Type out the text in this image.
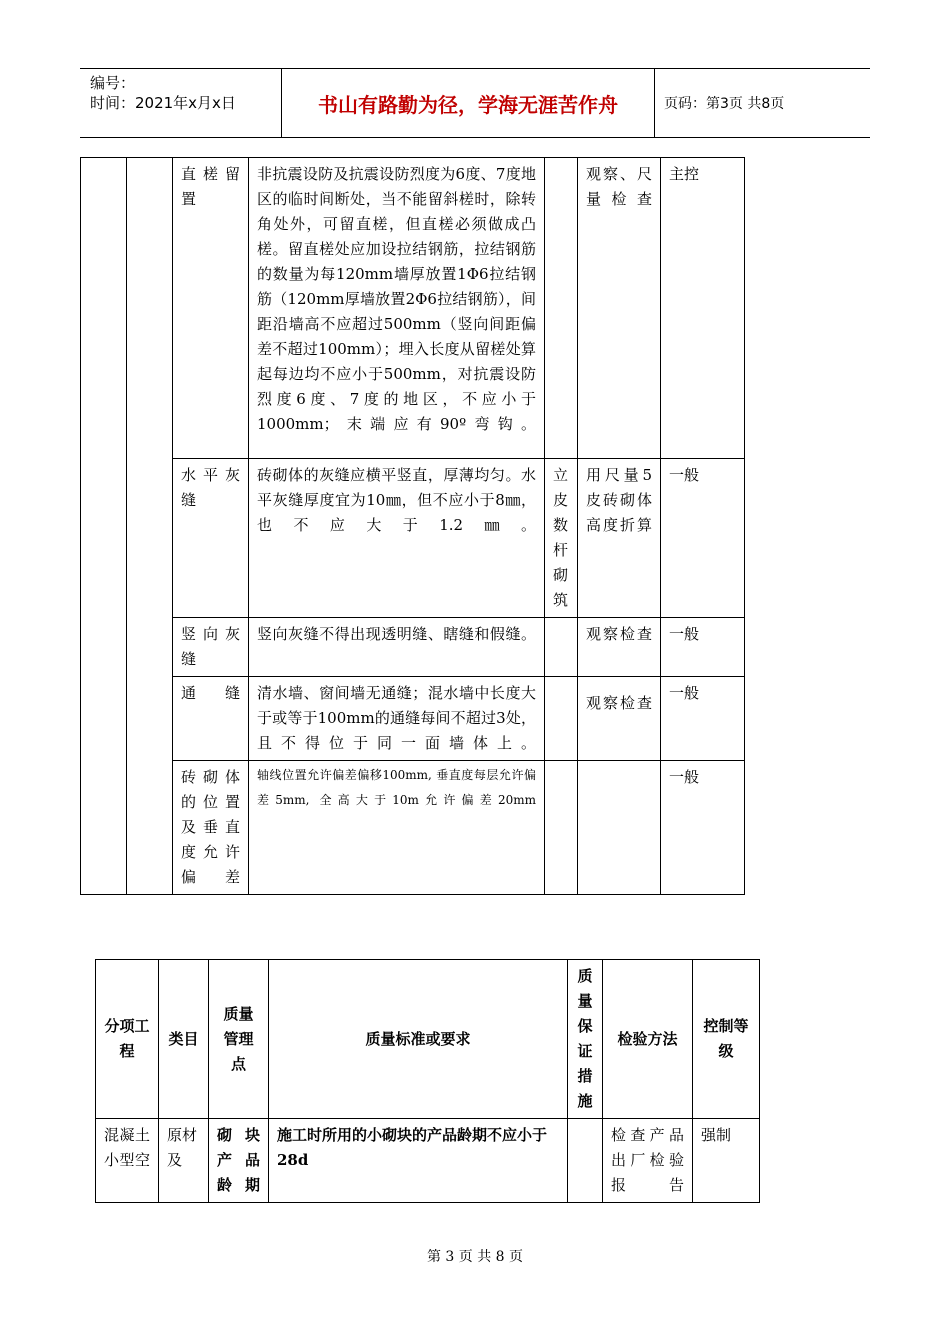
编号：
时间：2021年x月x日	书山有路勤为径，学海无涯苦作舟	页码：第3页 共8页
		直槎留置	非抗震设防及抗震设防烈度为6度、7度地区的临时间断处，当不能留斜槎时，除转角处外，可留直槎，但直槎必须做成凸槎。留直槎处应加设拉结钢筋，拉结钢筋的数量为每120mm墙厚放置1Φ6拉结钢筋（120mm厚墙放置2Φ6拉结钢筋），间距沿墙高不应超过500mm（竖向间距偏差不超过100mm）；埋入长度从留槎处算起每边均不应小于500mm，对抗震设防烈度6度、7度的地区，不应小于1000mm；末端应有90º弯钩。		观察、尺量检查	主控
		水平灰缝	砖砌体的灰缝应横平竖直，厚薄均匀。水平灰缝厚度宜为10㎜，但不应小于8㎜，也不应大于1.2㎜。	立皮数杆砌筑	用尺量5皮砖砌体高度折算	一般
		竖向灰缝	竖向灰缝不得出现透明缝、瞎缝和假缝。		观察检查	一般
		通缝	清水墙、窗间墙无通缝；混水墙中长度大于或等于100mm的通缝每间不超过3处，且不得位于同一面墙体上。		观察检查	一般
		砖砌体的位置及垂直度允许偏差	轴线位置允许偏差偏移100mm, 垂直度每层允许偏差5mm, 全高大于10m允许偏差20mm			一般
分项工程	类目	质量管理点	质量标准或要求	质量保证措施	检验方法	控制等级
混凝土小型空	原材及	砌块产品龄期	施工时所用的小砌块的产品龄期不应小于28d		检查产品出厂检验报告	强制
第 3 页 共 8 页
